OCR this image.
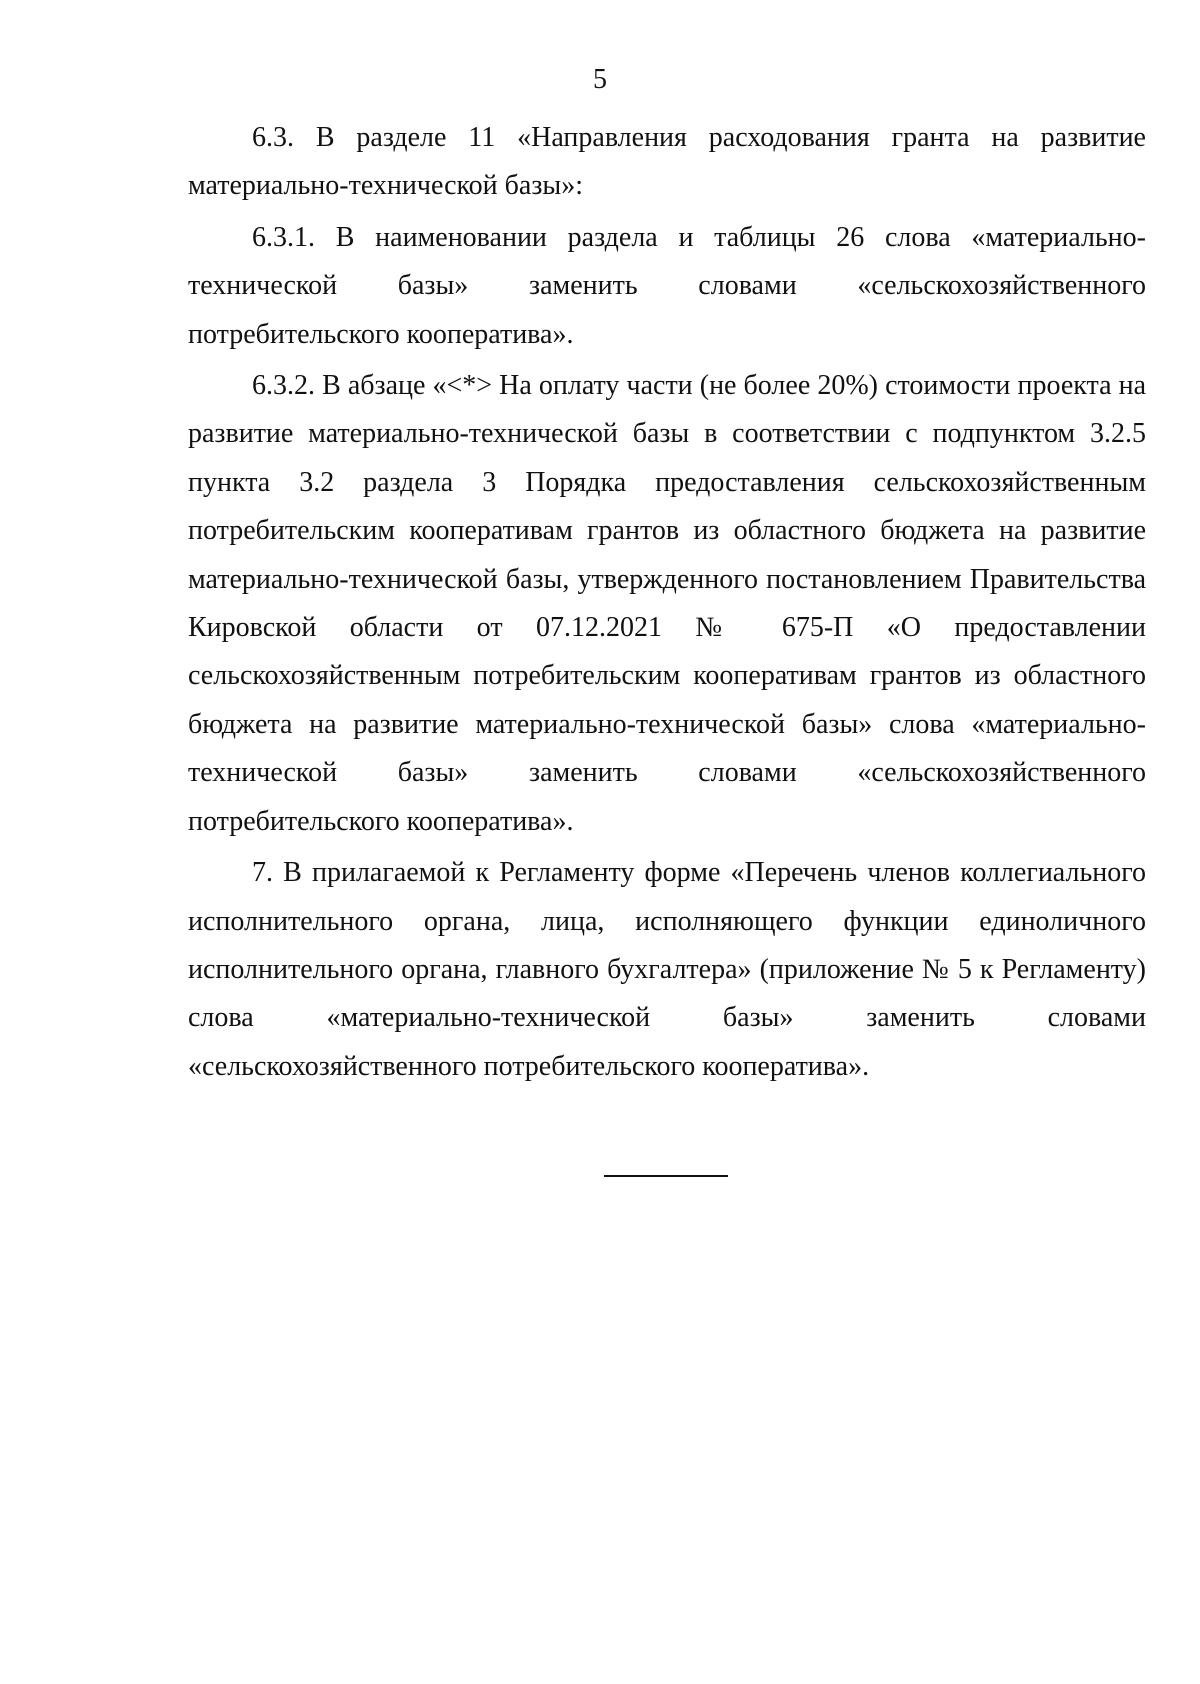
5

6.3. В разделе 11 «Направления расходования гранта на развитие материально-технической базы»:

6.3.1. В наименовании раздела и таблицы 26 слова «материально-технической базы» заменить словами «сельскохозяйственного потребительского кооператива».

6.3.2. В абзаце «<*> На оплату части (не более 20%) стоимости проекта на развитие материально-технической базы в соответствии с подпунктом 3.2.5 пункта 3.2 раздела 3 Порядка предоставления сельскохозяйственным потребительским кооперативам грантов из областного бюджета на развитие материально-технической базы, утвержденного постановлением Правительства Кировской области от 07.12.2021 № 675-П «О предоставлении сельскохозяйственным потребительским кооперативам грантов из областного бюджета на развитие материально-технической базы» слова «материально-технической базы» заменить словами «сельскохозяйственного потребительского кооператива».

7. В прилагаемой к Регламенту форме «Перечень членов коллегиального исполнительного органа, лица, исполняющего функции единоличного исполнительного органа, главного бухгалтера» (приложение № 5 к Регламенту) слова «материально-технической базы» заменить словами «сельскохозяйственного потребительского кооператива».
